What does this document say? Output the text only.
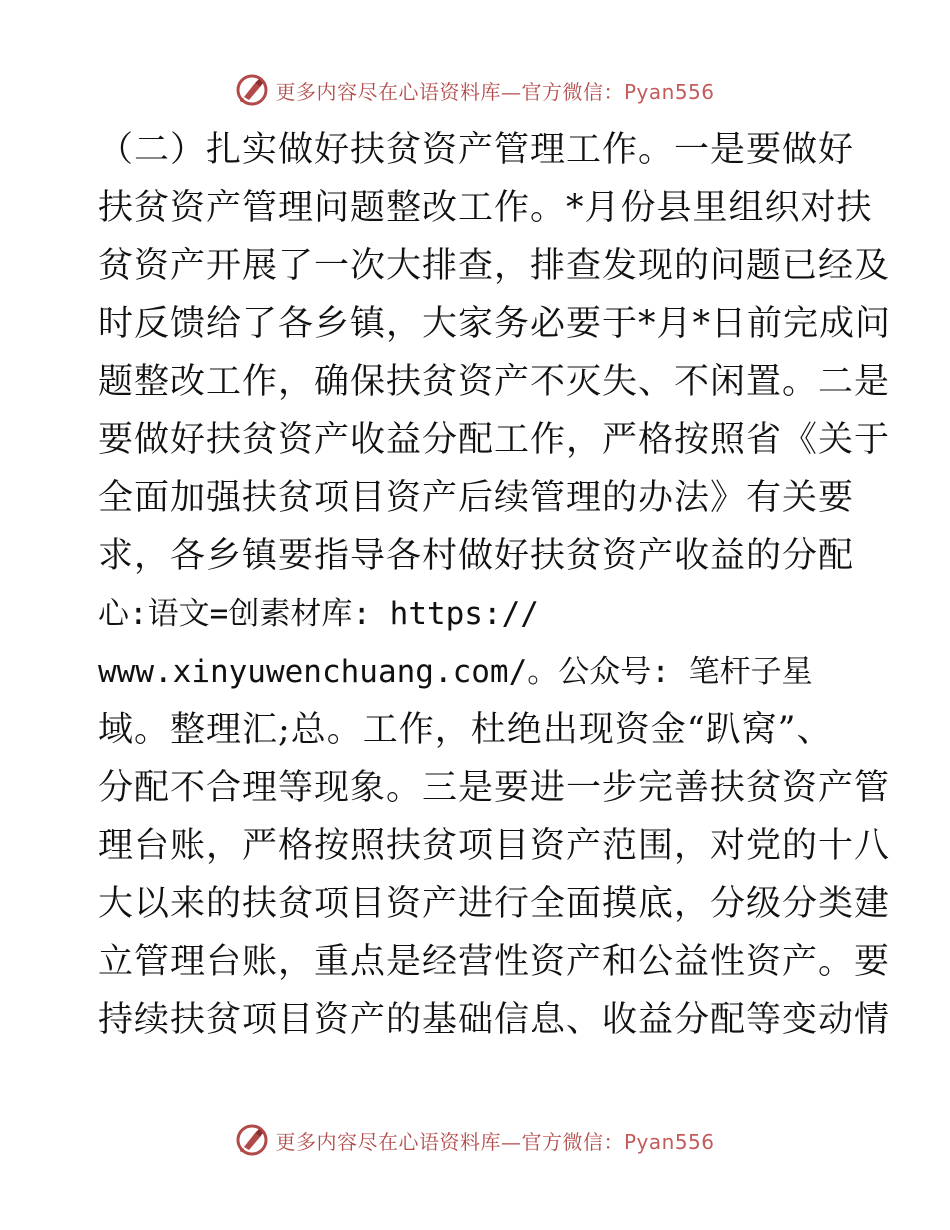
更多内容尽在心语资料库—官方微信：Pyan556
（二）扎实做好扶贫资产管理工作。一是要做好
扶贫资产管理问题整改工作。*月份县里组织对扶
贫资产开展了一次大排查，排查发现的问题已经及
时反馈给了各乡镇，大家务必要于*月*日前完成问
题整改工作，确保扶贫资产不灭失、不闲置。二是
要做好扶贫资产收益分配工作，严格按照省《关于
全面加强扶贫项目资产后续管理的办法》有关要
求，各乡镇要指导各村做好扶贫资产收益的分配
心:语文=创素材库: https://
www.xinyuwenchuang.com/。公众号: 笔杆子星
域。整理汇;总。工作，杜绝出现资金“趴窝”、
分配不合理等现象。三是要进一步完善扶贫资产管
理台账，严格按照扶贫项目资产范围，对党的十八
大以来的扶贫项目资产进行全面摸底，分级分类建
立管理台账，重点是经营性资产和公益性资产。要
持续扶贫项目资产的基础信息、收益分配等变动情
更多内容尽在心语资料库—官方微信：Pyan556
